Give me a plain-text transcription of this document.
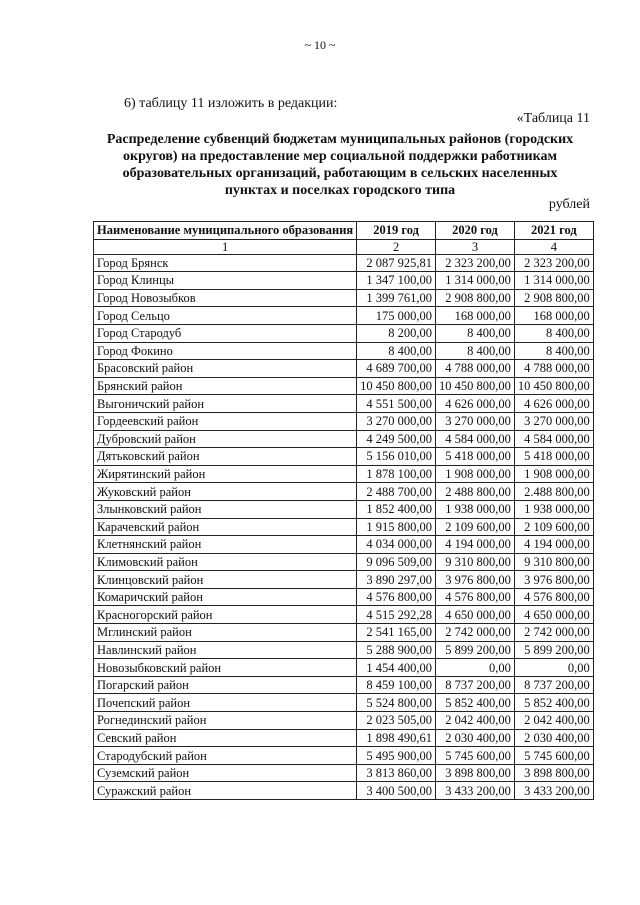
~ 10 ~
6) таблицу 11 изложить в редакции:
«Таблица 11
Распределение субвенций бюджетам муниципальных районов (городских округов) на предоставление мер социальной поддержки работникам образовательных организаций, работающим в сельских населенных пунктах и поселках городского типа
рублей
Наименование муниципального образования	2019 год	2020 год	2021 год
1	2	3	4
Город Брянск	2 087 925,81	2 323 200,00	2 323 200,00
Город Клинцы	1 347 100,00	1 314 000,00	1 314 000,00
Город Новозыбков	1 399 761,00	2 908 800,00	2 908 800,00
Город Сельцо	175 000,00	168 000,00	168 000,00
Город Стародуб	8 200,00	8 400,00	8 400,00
Город Фокино	8 400,00	8 400,00	8 400,00
Брасовский район	4 689 700,00	4 788 000,00	4 788 000,00
Брянский район	10 450 800,00	10 450 800,00	10 450 800,00
Выгоничский район	4 551 500,00	4 626 000,00	4 626 000,00
Гордеевский район	3 270 000,00	3 270 000,00	3 270 000,00
Дубровский район	4 249 500,00	4 584 000,00	4 584 000,00
Дятьковский район	5 156 010,00	5 418 000,00	5 418 000,00
Жирятинский район	1 878 100,00	1 908 000,00	1 908 000,00
Жуковский район	2 488 700,00	2 488 800,00	2.488 800,00
Злынковский район	1 852 400,00	1 938 000,00	1 938 000,00
Карачевский район	1 915 800,00	2 109 600,00	2 109 600,00
Клетнянский район	4 034 000,00	4 194 000,00	4 194 000,00
Климовский район	9 096 509,00	9 310 800,00	9 310 800,00
Клинцовский район	3 890 297,00	3 976 800,00	3 976 800,00
Комаричский район	4 576 800,00	4 576 800,00	4 576 800,00
Красногорский район	4 515 292,28	4 650 000,00	4 650 000,00
Мглинский район	2 541 165,00	2 742 000,00	2 742 000,00
Навлинский район	5 288 900,00	5 899 200,00	5 899 200,00
Новозыбковский район	1 454 400,00	0,00	0,00
Погарский район	8 459 100,00	8 737 200,00	8 737 200,00
Почепский район	5 524 800,00	5 852 400,00	5 852 400,00
Рогнединский район	2 023 505,00	2 042 400,00	2 042 400,00
Севский район	1 898 490,61	2 030 400,00	2 030 400,00
Стародубский район	5 495 900,00	5 745 600,00	5 745 600,00
Суземский район	3 813 860,00	3 898 800,00	3 898 800,00
Суражский район	3 400 500,00	3 433 200,00	3 433 200,00
